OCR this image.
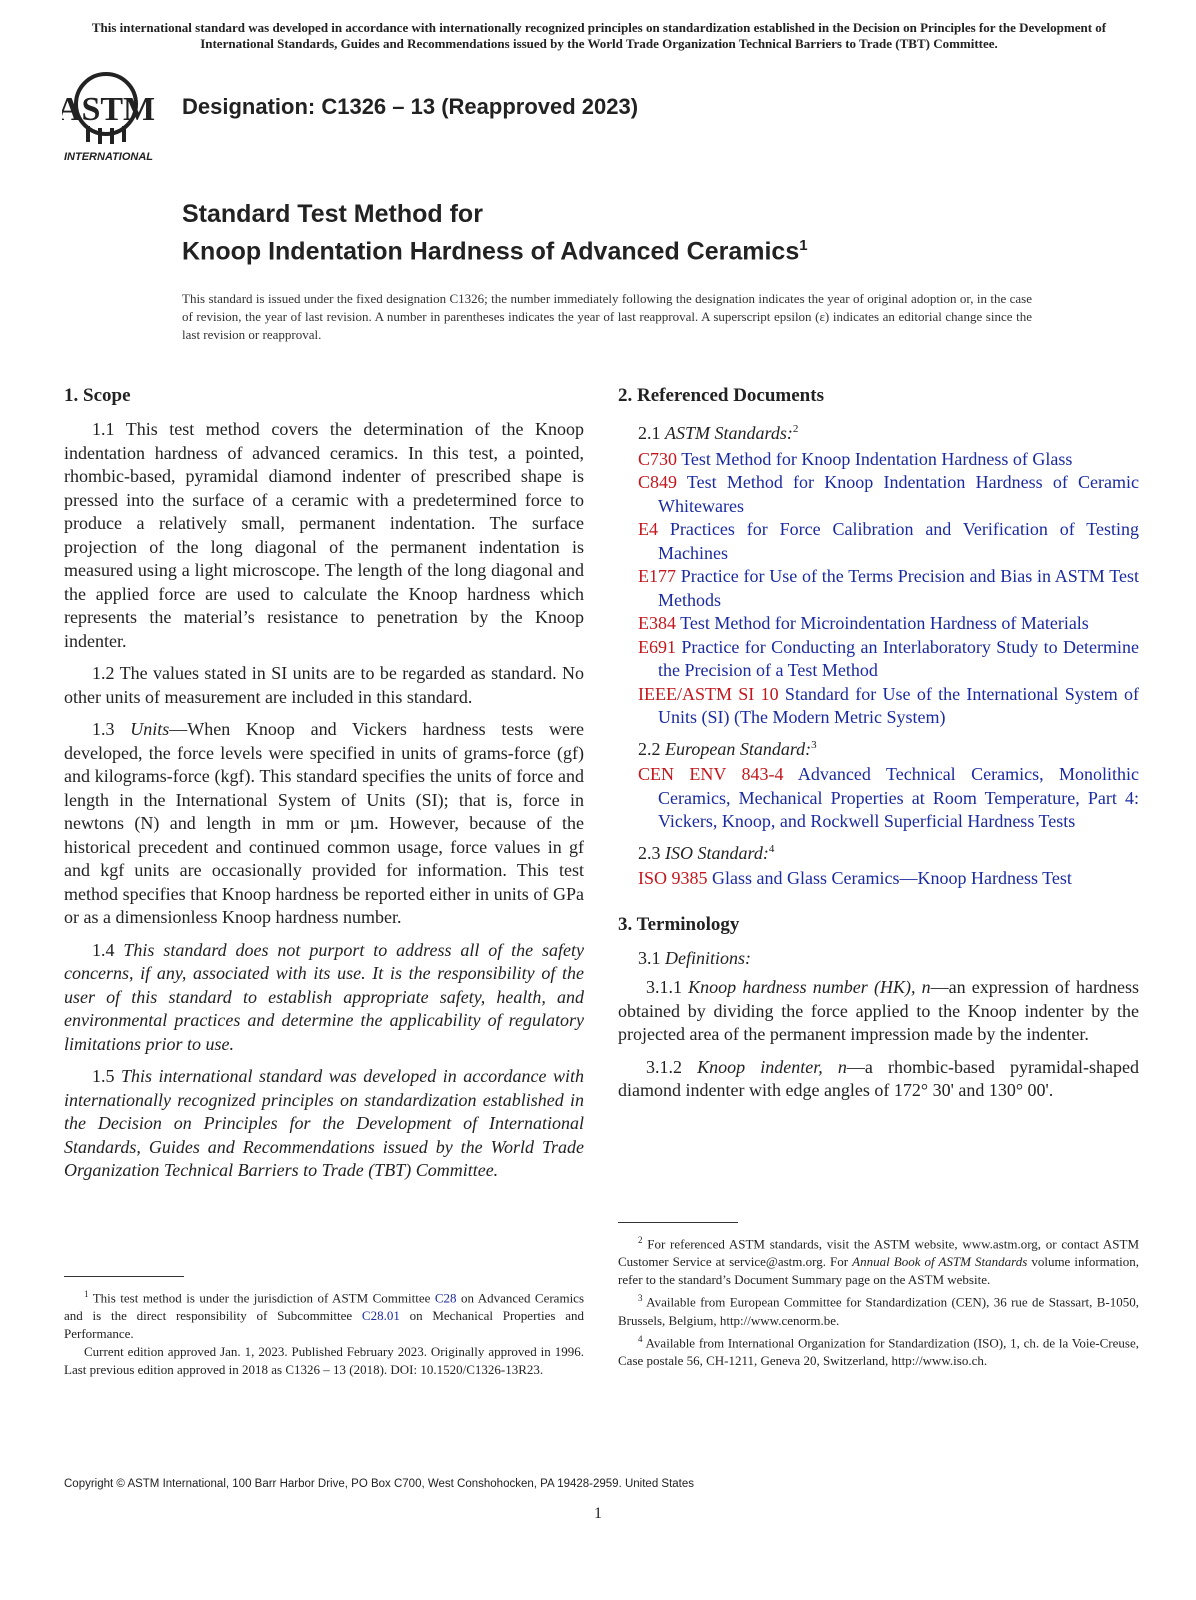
This international standard was developed in accordance with internationally recognized principles on standardization established in the Decision on Principles for the Development of International Standards, Guides and Recommendations issued by the World Trade Organization Technical Barriers to Trade (TBT) Committee.
ASTM
INTERNATIONAL
Designation: C1326 – 13 (Reapproved 2023)
Standard Test Method for
Knoop Indentation Hardness of Advanced Ceramics$^1$
This standard is issued under the fixed designation C1326; the number immediately following the designation indicates the year of original adoption or, in the case of revision, the year of last revision. A number in parentheses indicates the year of last reapproval. A superscript epsilon (ε) indicates an editorial change since the last revision or reapproval.
1. Scope

1.1 This test method covers the determination of the Knoop indentation hardness of advanced ceramics. In this test, a pointed, rhombic-based, pyramidal diamond indenter of prescribed shape is pressed into the surface of a ceramic with a predetermined force to produce a relatively small, permanent indentation. The surface projection of the long diagonal of the permanent indentation is measured using a light microscope. The length of the long diagonal and the applied force are used to calculate the Knoop hardness which represents the material’s resistance to penetration by the Knoop indenter.

1.2 The values stated in SI units are to be regarded as standard. No other units of measurement are included in this standard.

1.3 Units—When Knoop and Vickers hardness tests were developed, the force levels were specified in units of grams-force (gf) and kilograms-force (kgf). This standard specifies the units of force and length in the International System of Units (SI); that is, force in newtons (N) and length in mm or µm. However, because of the historical precedent and continued common usage, force values in gf and kgf units are occasionally provided for information. This test method specifies that Knoop hardness be reported either in units of GPa or as a dimensionless Knoop hardness number.

1.4 This standard does not purport to address all of the safety concerns, if any, associated with its use. It is the responsibility of the user of this standard to establish appropriate safety, health, and environmental practices and determine the applicability of regulatory limitations prior to use.

1.5 This international standard was developed in accordance with internationally recognized principles on standardization established in the Decision on Principles for the Development of International Standards, Guides and Recommendations issued by the World Trade Organization Technical Barriers to Trade (TBT) Committee.

2. Referenced Documents
2.1 ASTM Standards:$^2$
C730 Test Method for Knoop Indentation Hardness of Glass
C849 Test Method for Knoop Indentation Hardness of Ceramic Whitewares
E4 Practices for Force Calibration and Verification of Testing Machines
E177 Practice for Use of the Terms Precision and Bias in ASTM Test Methods
E384 Test Method for Microindentation Hardness of Materials
E691 Practice for Conducting an Interlaboratory Study to Determine the Precision of a Test Method
IEEE/ASTM SI 10 Standard for Use of the International System of Units (SI) (The Modern Metric System)
2.2 European Standard:$^3$
CEN ENV 843-4 Advanced Technical Ceramics, Monolithic Ceramics, Mechanical Properties at Room Temperature, Part 4: Vickers, Knoop, and Rockwell Superficial Hardness Tests
2.3 ISO Standard:$^4$
ISO 9385 Glass and Glass Ceramics—Knoop Hardness Test
3. Terminology
3.1 Definitions:

3.1.1 Knoop hardness number (HK), n—an expression of hardness obtained by dividing the force applied to the Knoop indenter by the projected area of the permanent impression made by the indenter.

3.1.2 Knoop indenter, n—a rhombic-based pyramidal-shaped diamond indenter with edge angles of 172° 30' and 130° 00'.

$^1$ This test method is under the jurisdiction of ASTM Committee C28 on Advanced Ceramics and is the direct responsibility of Subcommittee C28.01 on Mechanical Properties and Performance.

Current edition approved Jan. 1, 2023. Published February 2023. Originally approved in 1996. Last previous edition approved in 2018 as C1326 – 13 (2018). DOI: 10.1520/C1326-13R23.

$^2$ For referenced ASTM standards, visit the ASTM website, www.astm.org, or contact ASTM Customer Service at service@astm.org. For Annual Book of ASTM Standards volume information, refer to the standard’s Document Summary page on the ASTM website.

$^3$ Available from European Committee for Standardization (CEN), 36 rue de Stassart, B-1050, Brussels, Belgium, http://www.cenorm.be.

$^4$ Available from International Organization for Standardization (ISO), 1, ch. de la Voie-Creuse, Case postale 56, CH-1211, Geneva 20, Switzerland, http://www.iso.ch.

Copyright © ASTM International, 100 Barr Harbor Drive, PO Box C700, West Conshohocken, PA 19428-2959. United States
1
